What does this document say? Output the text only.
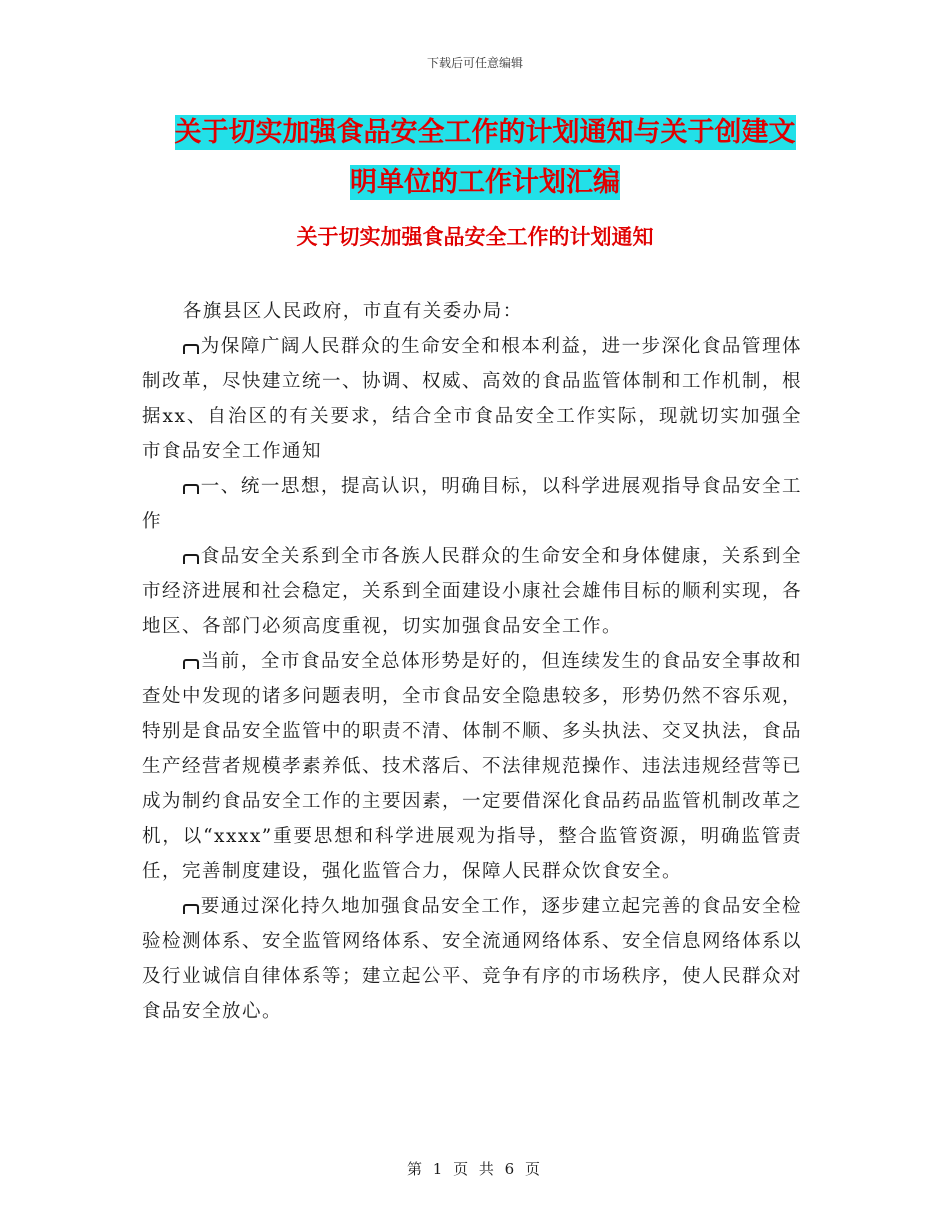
下载后可任意编辑
关于切实加强食品安全工作的计划通知与关于创建文
明单位的工作计划汇编
关于切实加强食品安全工作的计划通知

各旗县区人民政府，市直有关委办局：

为保障广阔人民群众的生命安全和根本利益，进一步深化食品管理体制改革，尽快建立统一、协调、权威、高效的食品监管体制和工作机制，根据xx、自治区的有关要求，结合全市食品安全工作实际，现就切实加强全市食品安全工作通知

一、统一思想，提高认识，明确目标，以科学进展观指导食品安全工作

食品安全关系到全市各族人民群众的生命安全和身体健康，关系到全市经济进展和社会稳定，关系到全面建设小康社会雄伟目标的顺利实现，各地区、各部门必须高度重视，切实加强食品安全工作。

当前，全市食品安全总体形势是好的，但连续发生的食品安全事故和查处中发现的诸多问题表明，全市食品安全隐患较多，形势仍然不容乐观，特别是食品安全监管中的职责不清、体制不顺、多头执法、交叉执法，食品生产经营者规模孝素养低、技术落后、不法律规范操作、违法违规经营等已成为制约食品安全工作的主要因素，一定要借深化食品药品监管机制改革之机，以“xxxx”重要思想和科学进展观为指导，整合监管资源，明确监管责任，完善制度建设，强化监管合力，保障人民群众饮食安全。

要通过深化持久地加强食品安全工作，逐步建立起完善的食品安全检验检测体系、安全监管网络体系、安全流通网络体系、安全信息网络体系以及行业诚信自律体系等；建立起公平、竞争有序的市场秩序，使人民群众对食品安全放心。

第 1 页 共 6 页
